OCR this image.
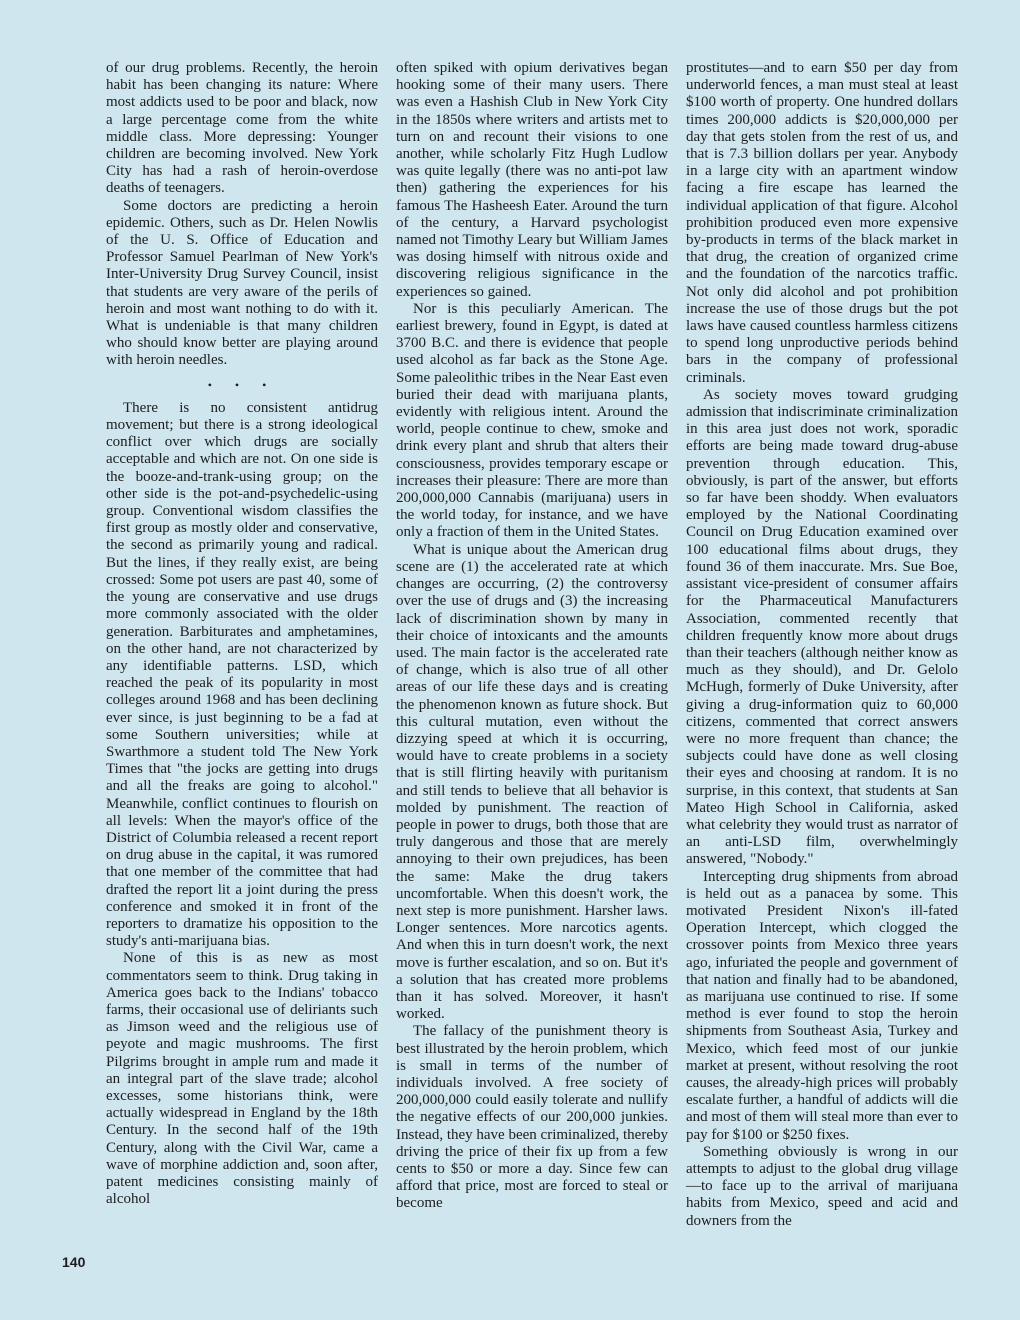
of our drug problems. Recently, the heroin habit has been changing its nature: Where most addicts used to be poor and black, now a large percentage come from the white middle class. More depressing: Younger children are becoming involved. New York City has had a rash of heroin-overdose deaths of teenagers.

Some doctors are predicting a heroin epidemic. Others, such as Dr. Helen Nowlis of the U. S. Office of Education and Professor Samuel Pearlman of New York's Inter-University Drug Survey Council, insist that students are very aware of the perils of heroin and most want nothing to do with it. What is undeniable is that many children who should know better are playing around with heroin needles.

• • •

There is no consistent antidrug movement; but there is a strong ideological conflict over which drugs are socially acceptable and which are not. On one side is the booze-and-trank-using group; on the other side is the pot-and-psychedelic-using group. Conventional wisdom classifies the first group as mostly older and conservative, the second as primarily young and radical. But the lines, if they really exist, are being crossed: Some pot users are past 40, some of the young are conservative and use drugs more commonly associated with the older generation. Barbiturates and amphetamines, on the other hand, are not characterized by any identifiable patterns. LSD, which reached the peak of its popularity in most colleges around 1968 and has been declining ever since, is just beginning to be a fad at some Southern universities; while at Swarthmore a student told The New York Times that "the jocks are getting into drugs and all the freaks are going to alcohol." Meanwhile, conflict continues to flourish on all levels: When the mayor's office of the District of Columbia released a recent report on drug abuse in the capital, it was rumored that one member of the committee that had drafted the report lit a joint during the press conference and smoked it in front of the reporters to dramatize his opposition to the study's anti-marijuana bias.

None of this is as new as most commentators seem to think. Drug taking in America goes back to the Indians' tobacco farms, their occasional use of deliriants such as Jimson weed and the religious use of peyote and magic mushrooms. The first Pilgrims brought in ample rum and made it an integral part of the slave trade; alcohol excesses, some historians think, were actually widespread in England by the 18th Century. In the second half of the 19th Century, along with the Civil War, came a wave of morphine addiction and, soon after, patent medicines consisting mainly of alcohol

often spiked with opium derivatives began hooking some of their many users. There was even a Hashish Club in New York City in the 1850s where writers and artists met to turn on and recount their visions to one another, while scholarly Fitz Hugh Ludlow was quite legally (there was no anti-pot law then) gathering the experiences for his famous The Hasheesh Eater. Around the turn of the century, a Harvard psychologist named not Timothy Leary but William James was dosing himself with nitrous oxide and discovering religious significance in the experiences so gained.

Nor is this peculiarly American. The earliest brewery, found in Egypt, is dated at 3700 B.C. and there is evidence that people used alcohol as far back as the Stone Age. Some paleolithic tribes in the Near East even buried their dead with marijuana plants, evidently with religious intent. Around the world, people continue to chew, smoke and drink every plant and shrub that alters their consciousness, provides temporary escape or increases their pleasure: There are more than 200,000,000 Cannabis (marijuana) users in the world today, for instance, and we have only a fraction of them in the United States.

What is unique about the American drug scene are (1) the accelerated rate at which changes are occurring, (2) the controversy over the use of drugs and (3) the increasing lack of discrimination shown by many in their choice of intoxicants and the amounts used. The main factor is the accelerated rate of change, which is also true of all other areas of our life these days and is creating the phenomenon known as future shock. But this cultural mutation, even without the dizzying speed at which it is occurring, would have to create problems in a society that is still flirting heavily with puritanism and still tends to believe that all behavior is molded by punishment. The reaction of people in power to drugs, both those that are truly dangerous and those that are merely annoying to their own prejudices, has been the same: Make the drug takers uncomfortable. When this doesn't work, the next step is more punishment. Harsher laws. Longer sentences. More narcotics agents. And when this in turn doesn't work, the next move is further escalation, and so on. But it's a solution that has created more problems than it has solved. Moreover, it hasn't worked.

The fallacy of the punishment theory is best illustrated by the heroin problem, which is small in terms of the number of individuals involved. A free society of 200,000,000 could easily tolerate and nullify the negative effects of our 200,000 junkies. Instead, they have been criminalized, thereby driving the price of their fix up from a few cents to $50 or more a day. Since few can afford that price, most are forced to steal or become

prostitutes—and to earn $50 per day from underworld fences, a man must steal at least $100 worth of property. One hundred dollars times 200,000 addicts is $20,000,000 per day that gets stolen from the rest of us, and that is 7.3 billion dollars per year. Anybody in a large city with an apartment window facing a fire escape has learned the individual application of that figure. Alcohol prohibition produced even more expensive by-products in terms of the black market in that drug, the creation of organized crime and the foundation of the narcotics traffic. Not only did alcohol and pot prohibition increase the use of those drugs but the pot laws have caused countless harmless citizens to spend long unproductive periods behind bars in the company of professional criminals.

As society moves toward grudging admission that indiscriminate criminalization in this area just does not work, sporadic efforts are being made toward drug-abuse prevention through education. This, obviously, is part of the answer, but efforts so far have been shoddy. When evaluators employed by the National Coordinating Council on Drug Education examined over 100 educational films about drugs, they found 36 of them inaccurate. Mrs. Sue Boe, assistant vice-president of consumer affairs for the Pharmaceutical Manufacturers Association, commented recently that children frequently know more about drugs than their teachers (although neither know as much as they should), and Dr. Gelolo McHugh, formerly of Duke University, after giving a drug-information quiz to 60,000 citizens, commented that correct answers were no more frequent than chance; the subjects could have done as well closing their eyes and choosing at random. It is no surprise, in this context, that students at San Mateo High School in California, asked what celebrity they would trust as narrator of an anti-LSD film, overwhelmingly answered, "Nobody."

Intercepting drug shipments from abroad is held out as a panacea by some. This motivated President Nixon's ill-fated Operation Intercept, which clogged the crossover points from Mexico three years ago, infuriated the people and government of that nation and finally had to be abandoned, as marijuana use continued to rise. If some method is ever found to stop the heroin shipments from Southeast Asia, Turkey and Mexico, which feed most of our junkie market at present, without resolving the root causes, the already-high prices will probably escalate further, a handful of addicts will die and most of them will steal more than ever to pay for $100 or $250 fixes.

Something obviously is wrong in our attempts to adjust to the global drug village—to face up to the arrival of marijuana habits from Mexico, speed and acid and downers from the

140
